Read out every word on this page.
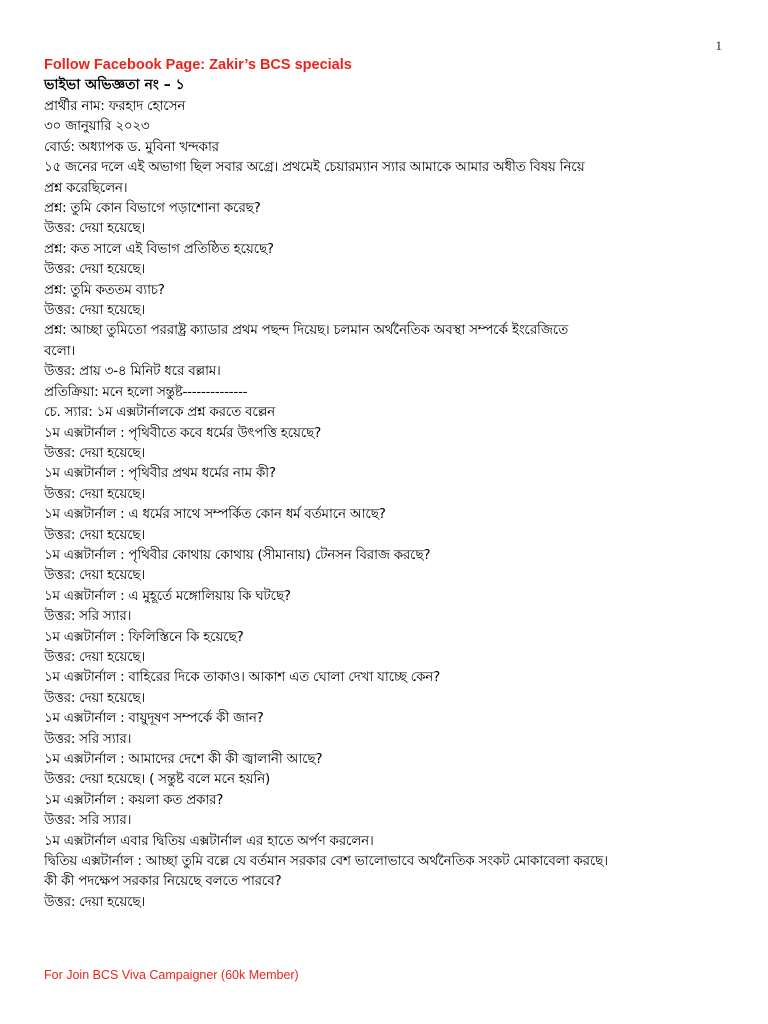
1
Follow Facebook Page: Zakir’s BCS specials
ভাইভা অভিজ্ঞতা নং – ১
প্রার্থীর নাম: ফরহাদ হোসেন
৩০ জানুয়ারি ২০২৩
বোর্ড: অধ্যাপক ড. মুবিনা খন্দকার
১৫ জনের দলে এই অভাগা ছিল সবার অগ্রে। প্রথমেই চেয়ারম্যান স্যার আমাকে আমার অধীত বিষয় নিয়ে
প্রশ্ন করেছিলেন।
প্রশ্ন: তুমি কোন বিভাগে পড়াশোনা করেছ?
উত্তর: দেয়া হয়েছে।
প্রশ্ন: কত সালে এই বিভাগ প্রতিষ্ঠিত হয়েছে?
উত্তর: দেয়া হয়েছে।
প্রশ্ন: তুমি কততম ব্যাচ?
উত্তর: দেয়া হয়েছে।
প্রশ্ন: আচ্ছা তুমিতো পররাষ্ট্র ক্যাডার প্রথম পছন্দ দিয়েছ। চলমান অর্থনৈতিক অবস্থা সম্পর্কে ইংরেজিতে
বলো।
উত্তর: প্রায় ৩-৪ মিনিট ধরে বল্লাম।
প্রতিক্রিয়া: মনে হলো সন্তুষ্ট--------------
চে. স্যার: ১ম এক্সটার্নালকে প্রশ্ন করতে বল্লেন
১ম এক্সটার্নাল : পৃথিবীতে কবে ধর্মের উৎপত্তি হয়েছে?
উত্তর: দেয়া হয়েছে।
১ম এক্সটার্নাল : পৃথিবীর প্রথম ধর্মের নাম কী?
উত্তর: দেয়া হয়েছে।
১ম এক্সটার্নাল : এ ধর্মের সাথে সম্পর্কিত কোন ধর্ম বর্তমানে আছে?
উত্তর: দেয়া হয়েছে।
১ম এক্সটার্নাল : পৃথিবীর কোথায় কোথায় (সীমানায়) টেনসন বিরাজ করছে?
উত্তর: দেয়া হয়েছে।
১ম এক্সটার্নাল : এ মুহূর্তে মঙ্গোলিয়ায় কি ঘটছে?
উত্তর: সরি স্যার।
১ম এক্সটার্নাল : ফিলিস্তিনে কি হয়েছে?
উত্তর: দেয়া হয়েছে।
১ম এক্সটার্নাল : বাহিরের দিকে তাকাও। আকাশ এত ঘোলা দেখা যাচ্ছে কেন?
উত্তর: দেয়া হয়েছে।
১ম এক্সটার্নাল : বায়ুদূষণ সম্পর্কে কী জান?
উত্তর: সরি স্যার।
১ম এক্সটার্নাল : আমাদের দেশে কী কী জ্বালানী আছে?
উত্তর: দেয়া হয়েছে। ( সন্তুষ্ট বলে মনে হয়নি)
১ম এক্সটার্নাল : কয়লা কত প্রকার?
উত্তর: সরি স্যার।
১ম এক্সটার্নাল এবার দ্বিতিয় এক্সটার্নাল এর হাতে অর্পণ করলেন।
দ্বিতিয় এক্সটার্নাল : আচ্ছা তুমি বল্লে যে বর্তমান সরকার বেশ ভালোভাবে অর্থনৈতিক সংকট মোকাবেলা করছে।
কী কী পদক্ষেপ সরকার নিয়েছে বলতে পারবে?
উত্তর: দেয়া হয়েছে।
For Join BCS Viva Campaigner (60k Member)
